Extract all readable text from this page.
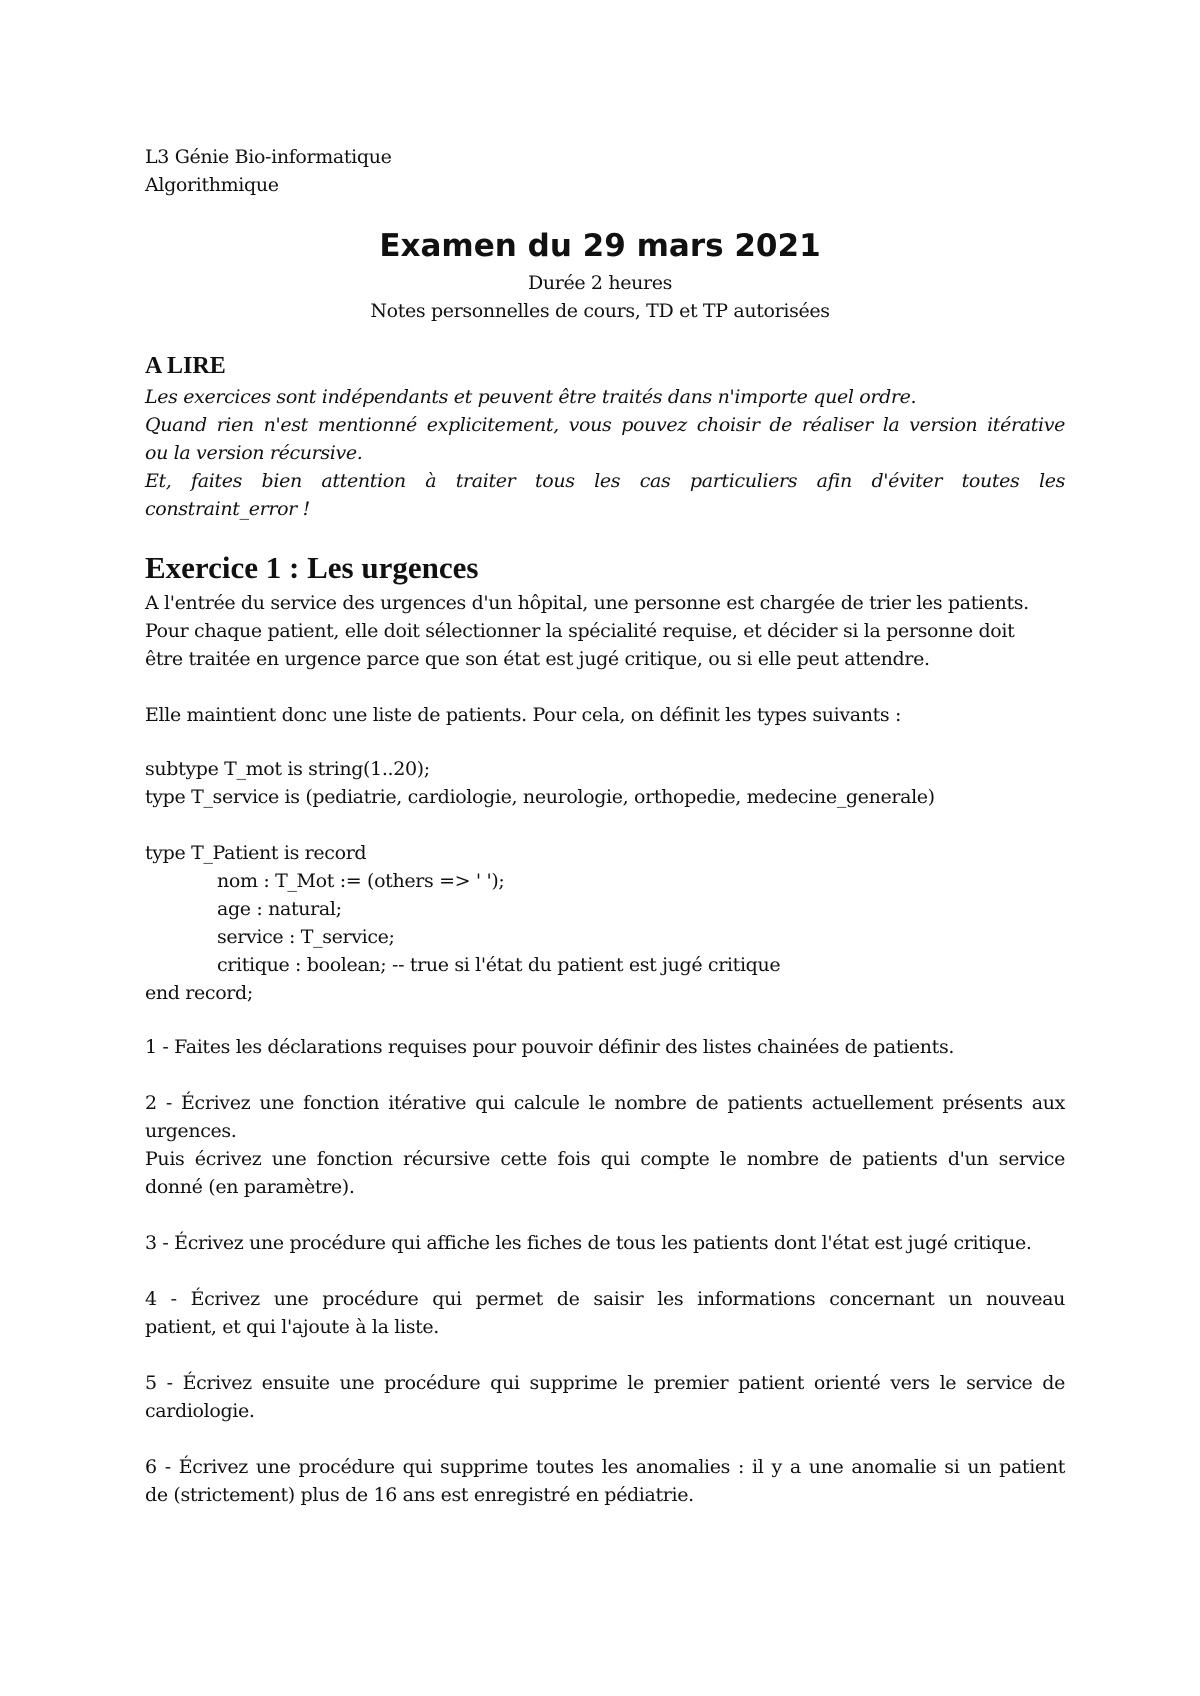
L3 Génie Bio-informatique
Algorithmique
Examen du 29 mars 2021
Durée 2 heures
Notes personnelles de cours, TD et TP autorisées
A LIRE
Les exercices sont indépendants et peuvent être traités dans n'importe quel ordre.
Quand rien n'est mentionné explicitement, vous pouvez choisir de réaliser la version itérative
ou la version récursive.
Et, faites bien attention à traiter tous les cas particuliers afin d'éviter toutes les
constraint_error !
Exercice 1 : Les urgences
A l'entrée du service des urgences d'un hôpital, une personne est chargée de trier les patients.
Pour chaque patient, elle doit sélectionner la spécialité requise, et décider si la personne doit
être traitée en urgence parce que son état est jugé critique, ou si elle peut attendre.
Elle maintient donc une liste de patients. Pour cela, on définit les types suivants :
subtype T_mot is string(1..20);
type T_service is (pediatrie, cardiologie, neurologie, orthopedie, medecine_generale)
type T_Patient is record
nom : T_Mot := (others => ' ');
age : natural;
service : T_service;
critique : boolean; -- true si l'état du patient est jugé critique
end record;
1 - Faites les déclarations requises pour pouvoir définir des listes chainées de patients.
2 - Écrivez une fonction itérative qui calcule le nombre de patients actuellement présents aux
urgences.
Puis écrivez une fonction récursive cette fois qui compte le nombre de patients d'un service
donné (en paramètre).
3 - Écrivez une procédure qui affiche les fiches de tous les patients dont l'état est jugé critique.
4 - Écrivez une procédure qui permet de saisir les informations concernant un nouveau
patient, et qui l'ajoute à la liste.
5 - Écrivez ensuite une procédure qui supprime le premier patient orienté vers le service de
cardiologie.
6 - Écrivez une procédure qui supprime toutes les anomalies : il y a une anomalie si un patient
de (strictement) plus de 16 ans est enregistré en pédiatrie.
